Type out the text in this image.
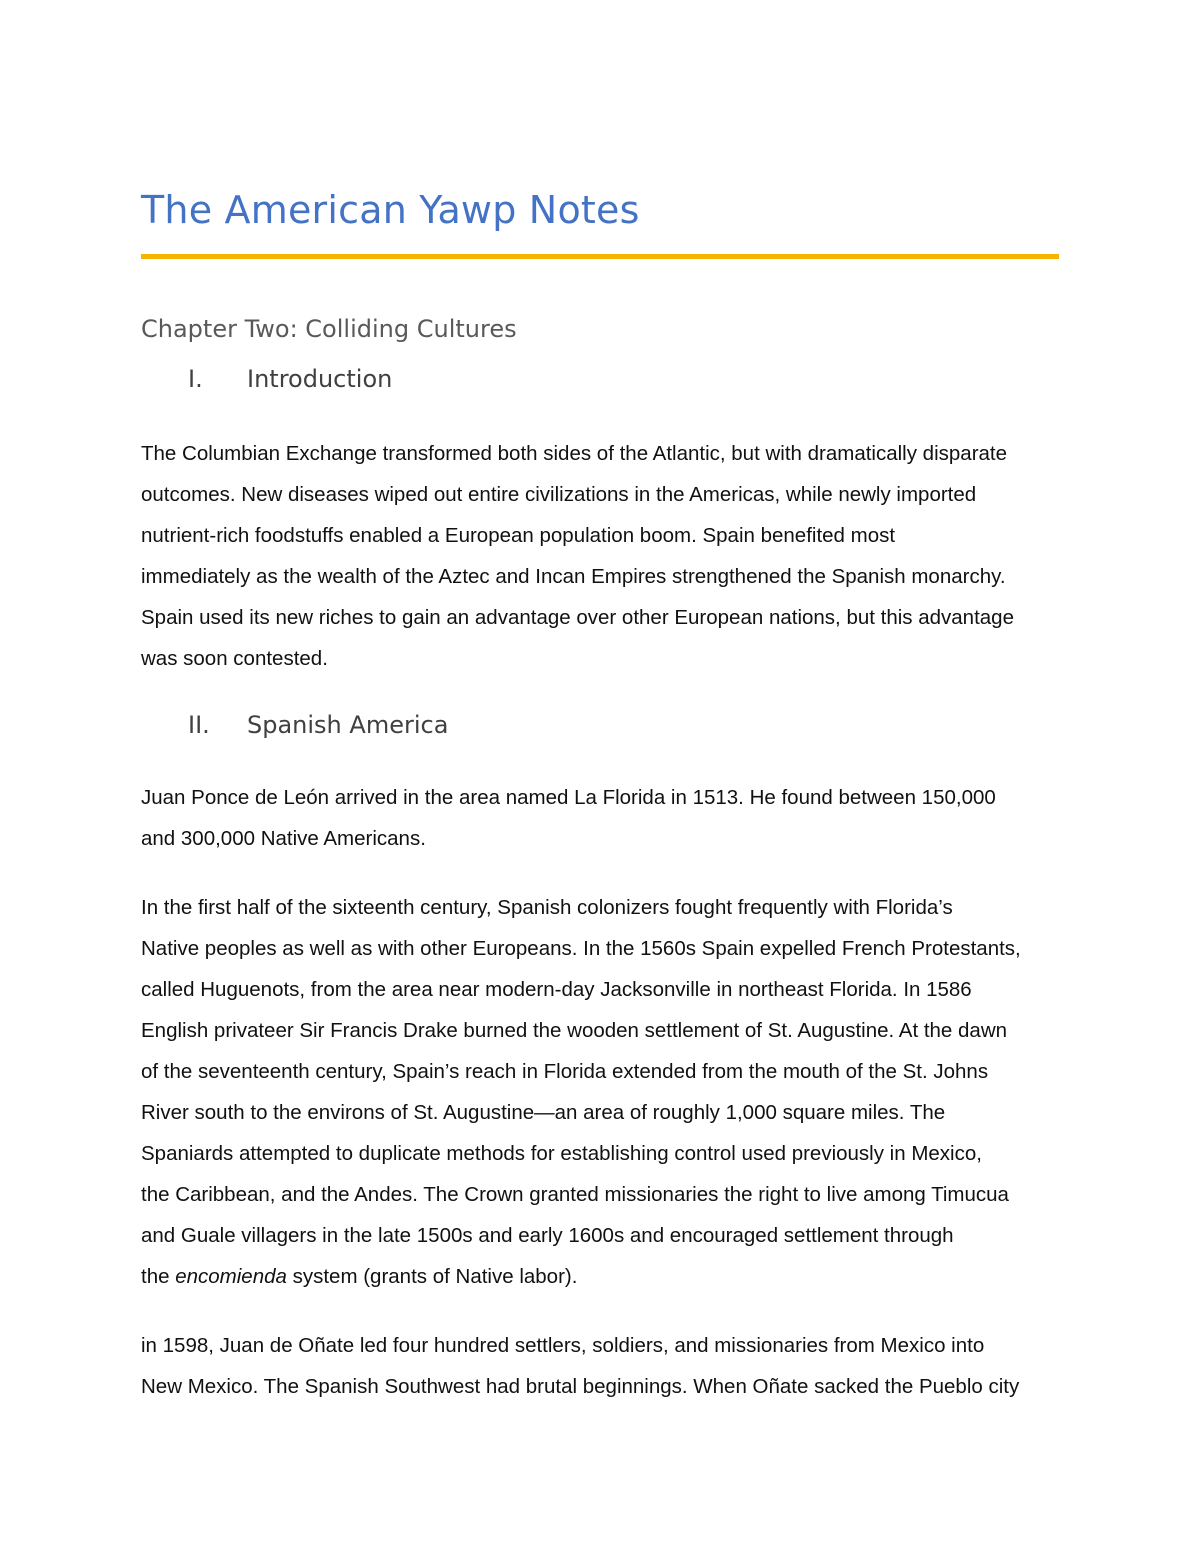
The American Yawp Notes
Chapter Two: Colliding Cultures
I. Introduction
The Columbian Exchange transformed both sides of the Atlantic, but with dramatically disparate
outcomes. New diseases wiped out entire civilizations in the Americas, while newly imported
nutrient-rich foodstuffs enabled a European population boom. Spain benefited most
immediately as the wealth of the Aztec and Incan Empires strengthened the Spanish monarchy.
Spain used its new riches to gain an advantage over other European nations, but this advantage
was soon contested.
II. Spanish America
Juan Ponce de León arrived in the area named La Florida in 1513. He found between 150,000
and 300,000 Native Americans.
In the first half of the sixteenth century, Spanish colonizers fought frequently with Florida’s
Native peoples as well as with other Europeans. In the 1560s Spain expelled French Protestants,
called Huguenots, from the area near modern-day Jacksonville in northeast Florida. In 1586
English privateer Sir Francis Drake burned the wooden settlement of St. Augustine. At the dawn
of the seventeenth century, Spain’s reach in Florida extended from the mouth of the St. Johns
River south to the environs of St. Augustine—an area of roughly 1,000 square miles. The
Spaniards attempted to duplicate methods for establishing control used previously in Mexico,
the Caribbean, and the Andes. The Crown granted missionaries the right to live among Timucua
and Guale villagers in the late 1500s and early 1600s and encouraged settlement through
the encomienda system (grants of Native labor).
in 1598, Juan de Oñate led four hundred settlers, soldiers, and missionaries from Mexico into
New Mexico. The Spanish Southwest had brutal beginnings. When Oñate sacked the Pueblo city
